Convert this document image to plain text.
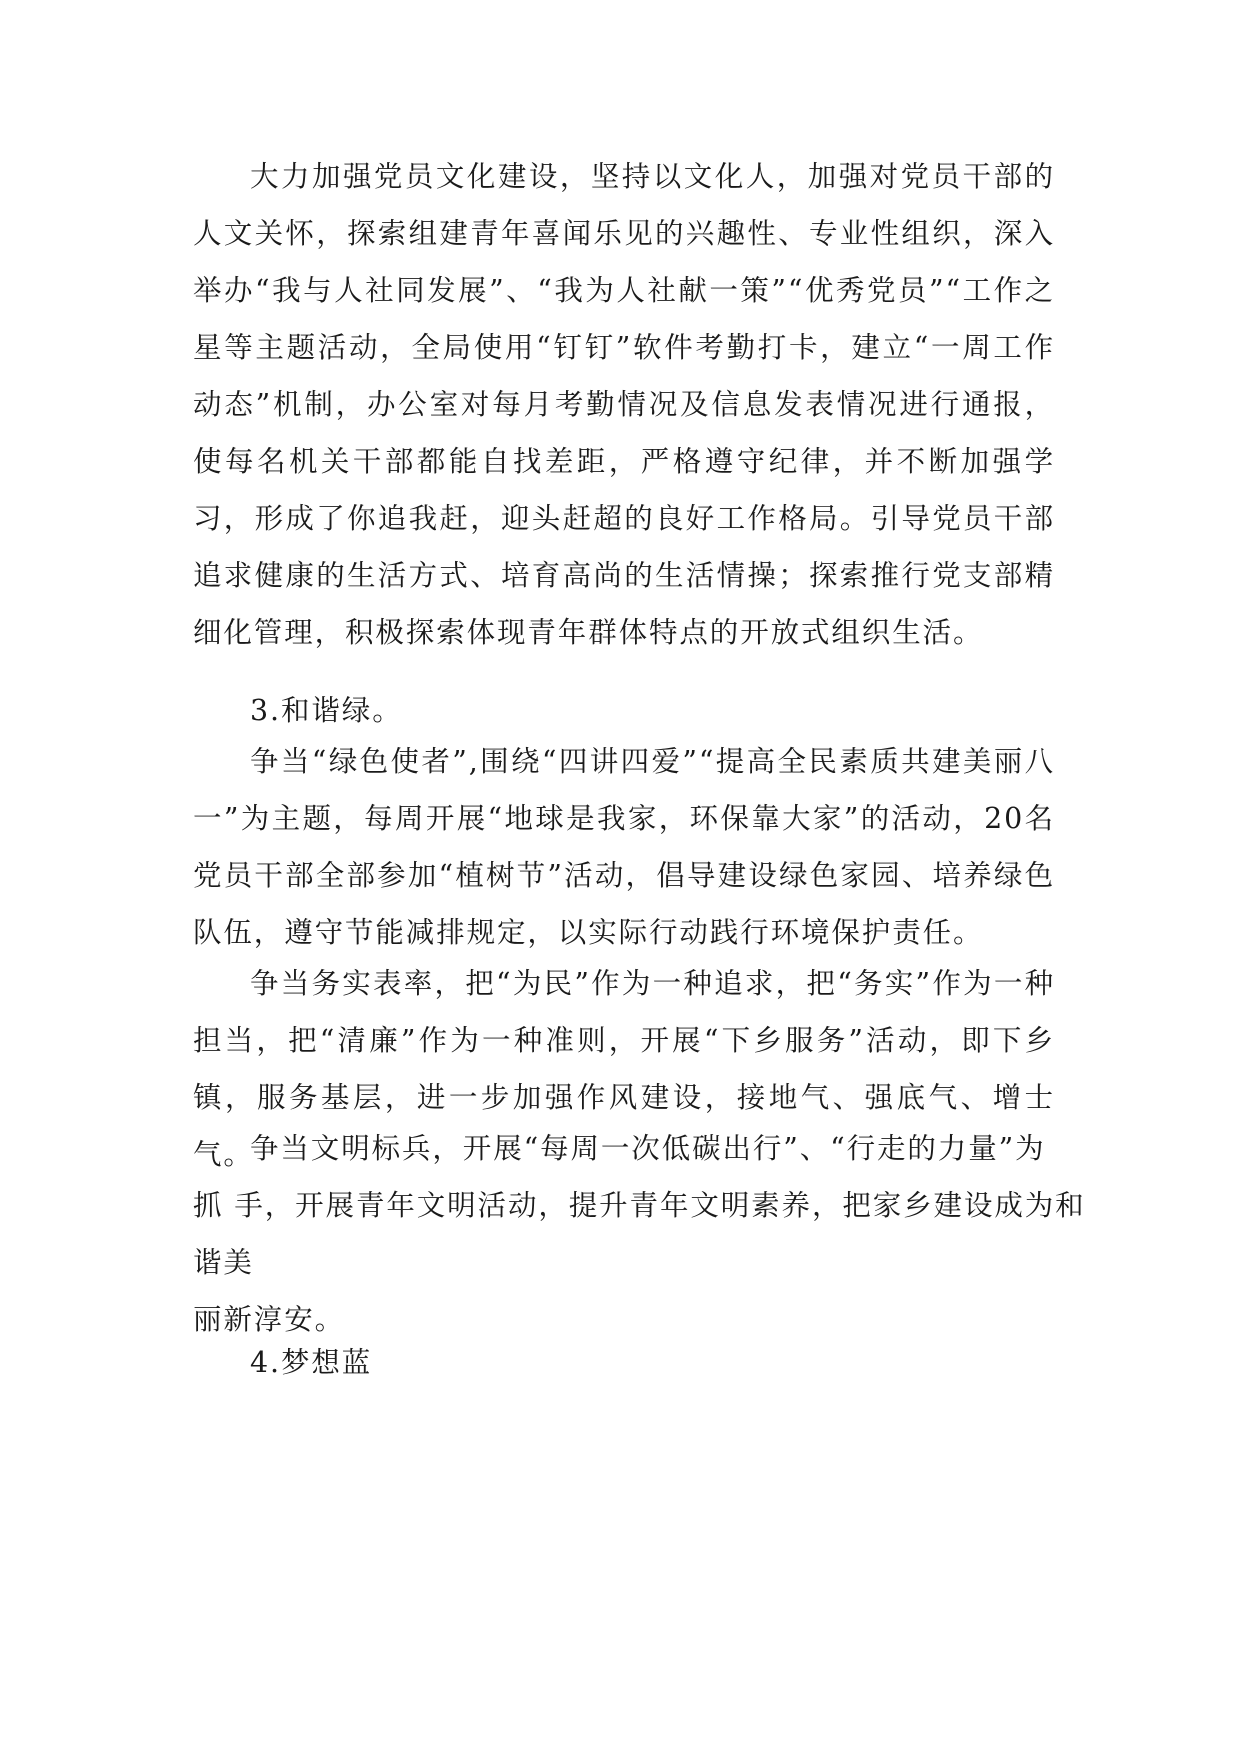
大力加强党员文化建设，坚持以文化人，加强对党员干部的人文关怀，探索组建青年喜闻乐见的兴趣性、专业性组织，深入举办“我与人社同发展”、“我为人社献一策”“优秀党员”“工作之星等主题活动，全局使用“钉钉”软件考勤打卡，建立“一周工作动态”机制，办公室对每月考勤情况及信息发表情况进行通报，使每名机关干部都能自找差距，严格遵守纪律，并不断加强学习，形成了你追我赶，迎头赶超的良好工作格局。引导党员干部追求健康的生活方式、培育高尚的生活情操；探索推行党支部精细化管理，积极探索体现青年群体特点的开放式组织生活。

3.和谐绿。

争当“绿色使者”,围绕“四讲四爱”“提高全民素质共建美丽八一”为主题，每周开展“地球是我家，环保靠大家”的活动，20名党员干部全部参加“植树节”活动，倡导建设绿色家园、培养绿色队伍，遵守节能减排规定，以实际行动践行环境保护责任。

争当务实表率，把“为民”作为一种追求，把“务实”作为一种担当，把“清廉”作为一种准则，开展“下乡服务”活动，即下乡镇，服务基层，进一步加强作风建设，接地气、强底气、增士气。

争当文明标兵，开展“每周一次低碳出行”、“行走的力量”为
抓 手，开展青年文明活动，提升青年文明素养，把家乡建设成为和
谐美
丽新淳安。

4.梦想蓝
